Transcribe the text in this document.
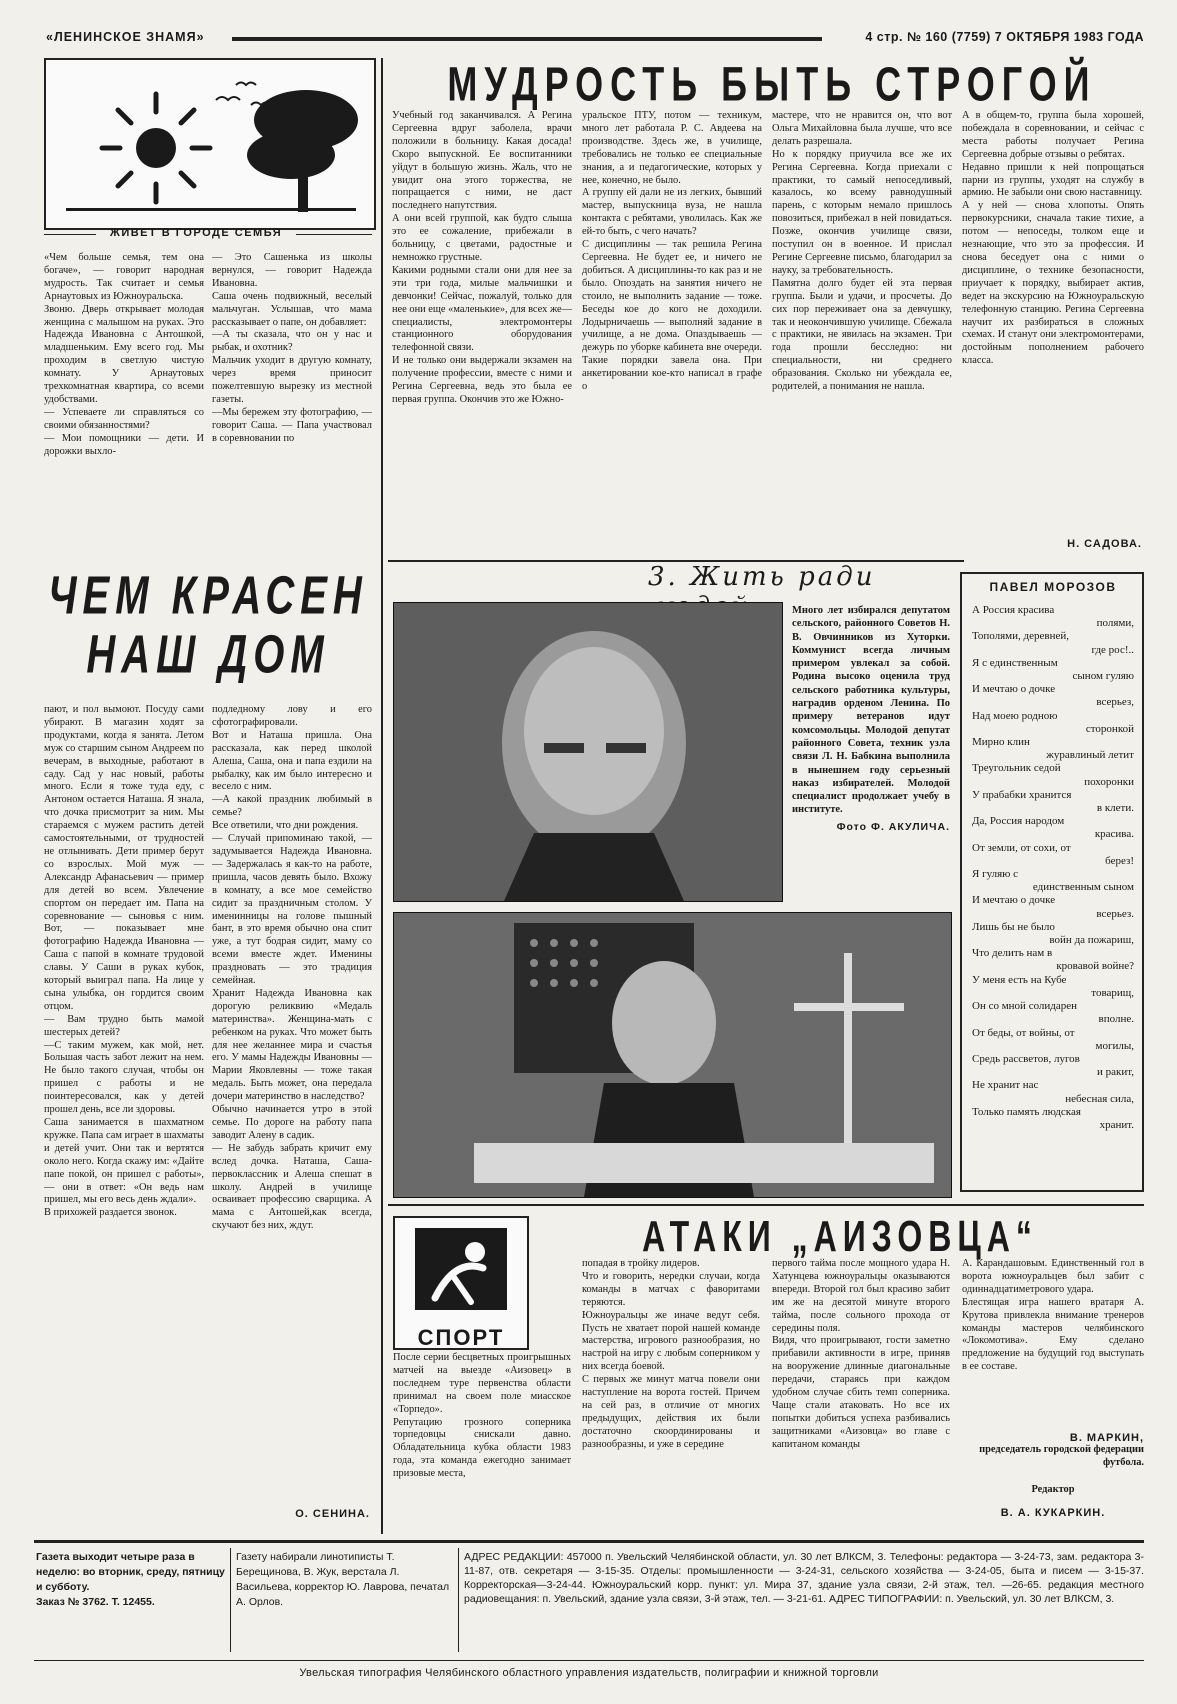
«ЛЕНИНСКОЕ ЗНАМЯ»	4 стр. № 160 (7759) 7 ОКТЯБРЯ 1983 ГОДА
ЖИВЕТ В ГОРОДЕ СЕМЬЯ

«Чем больше семья, тем она богаче», — говорит народная мудрость. Так считает и семья Арнаутовых из Южноуральска.
Звоню. Дверь открывает молодая женщина с малышом на руках. Это Надежда Ивановна с Антошкой, младшеньким. Ему всего год. Мы проходим в светлую чистую комнату. У Арнаутовых трехкомнатная квартира, со всеми удобствами.
— Успеваете ли справляться со своими обязанностями?
— Мои помощники — дети. И дорожки выхло-

— Это Сашенька из школы вернулся, — говорит Надежда Ивановна.
Саша очень подвижный, веселый мальчуган. Услышав, что мама рассказывает о папе, он добавляет:
—А ты сказала, что он у нас и рыбак, и охотник?
Мальчик уходит в другую комнату, через время приносит пожелтевшую вырезку из местной газеты.
—Мы бережем эту фотографию, — говорит Саша. — Папа участвовал в соревновании по

ЧЕМ КРАСЕН

НАШ ДОМ

пают, и пол вымоют. Посуду сами убирают. В магазин ходят за продуктами, когда я занята. Летом муж со старшим сыном Андреем по вечерам, в выходные, работают в саду. Сад у нас новый, работы много. Если я тоже туда еду, с Антоном остается Наташа. Я знала, что дочка присмотрит за ним. Мы стараемся с мужем растить детей самостоятельными, от трудностей не отлынивать. Дети пример берут со взрослых. Мой муж —Александр Афанасьевич — пример для детей во всем. Увлечение спортом он передает им. Папа на соревнование — сыновья с ним. Вот, — показывает мне фотографию Надежда Ивановна — Саша с папой в комнате трудовой славы. У Саши в руках кубок, который выиграл папа. На лице у сына улыбка, он гордится своим отцом.
— Вам трудно быть мамой шестерых детей?
—С таким мужем, как мой, нет. Большая часть забот лежит на нем. Не было такого случая, чтобы он пришел с работы и не поинтересовался, как у детей прошел день, все ли здоровы.
Саша занимается в шахматном кружке. Папа сам играет в шахматы и детей учит. Они так и вертятся около него. Когда скажу им: «Дайте папе покой, он пришел с работы», — они в ответ: «Он ведь нам пришел, мы его весь день ждали».
В прихожей раздается звонок.

подледному лову и его сфотографировали.
Вот и Наташа пришла. Она рассказала, как перед школой Алеша, Саша, она и папа ездили на рыбалку, как им было интересно и весело с ним.
—А какой праздник любимый в семье?
Все ответили, что дни рождения.
— Случай припоминаю такой, — задумывается Надежда Ивановна. — Задержалась я как-то на работе, пришла, часов девять было. Вхожу в комнату, а все мое семейство сидит за праздничным столом. У именинницы на голове пышный бант, в это время обычно она спит уже, а тут бодрая сидит, маму со всеми вместе ждет. Именины праздновать — это традиция семейная.
Хранит Надежда Ивановна как дорогую реликвию «Медаль материнства». Женщина-мать с ребенком на руках. Что может быть для нее желаннее мира и счастья его. У мамы Надежды Ивановны — Марии Яковлевны — тоже такая медаль. Быть может, она передала дочери материнство в наследство?
Обычно начинается утро в этой семье. По дороге на работу папа заводит Алену в садик.
— Не забудь забрать кричит ему вслед дочка. Наташа, Саша-первоклассник и Алеша спешат в школу. Андрей в училище осваивает профессию сварщика. А мама с Антошей,как всегда, скучают без них, ждут.

О. СЕНИНА.

МУДРОСТЬ БЫТЬ СТРОГОЙ

Учебный год заканчивался. А Регина Сергеевна вдруг заболела, врачи положили в больницу. Какая досада! Скоро выпускной. Ее воспитанники уйдут в большую жизнь. Жаль, что не увидит она этого торжества, не попращается с ними, не даст последнего напутствия.
А они всей группой, как будто слыша это ее сожаление, прибежали в больницу, с цветами, радостные и немножко грустные.
Какими родными стали они для нее за эти три года, милые мальчишки и девчонки! Сейчас, пожалуй, только для нее они еще «маленькие», для всех же— специалисты, электромонтеры станционного оборудования телефонной связи.
И не только они выдержали экзамен на получение профессии, вместе с ними и Регина Сергеевна, ведь это была ее первая группа. Окончив это же Южно-

уральское ПТУ, потом — техникум, много лет работала Р. С. Авдеева на производстве. Здесь же, в училище, требовались не только ее специальные знания, а и педагогические, которых у нее, конечно, не было.
А группу ей дали не из легких, бывший мастер, выпускница вуза, не нашла контакта с ребятами, уволилась. Как же ей-то быть, с чего начать?
С дисциплины — так решила Регина Сергеевна. Не будет ее, и ничего не добиться. А дисциплины-то как раз и не было. Опоздать на занятия ничего не стоило, не выполнить задание — тоже. Беседы кое до кого не доходили. Лодырничаешь — выполняй задание в училище, а не дома. Опаздываешь — дежурь по уборке кабинета вне очереди. Такие порядки завела она. При анкетировании кое-кто написал в графе о

мастере, что не нравится он, что вот Ольга Михайловна была лучше, что все делать разрешала.
Но к порядку приучила все же их Регина Сергеевна. Когда приехали с практики, то самый непоседливый, казалось, ко всему равнодушный парень, с которым немало пришлось повозиться, прибежал в ней повидаться. Позже, окончив училище связи, поступил он в военное. И прислал Регине Сергеевне письмо, благодарил за науку, за требовательность.
Памятна долго будет ей эта первая группа. Были и удачи, и просчеты. До сих пор переживает она за девчушку, так и неокончившую училище. Сбежала с практики, не явилась на экзамен. Три года прошли бесследно: ни специальности, ни среднего образования. Сколько ни убеждала ее, родителей, а понимания не нашла.

А в общем-то, группа была хорошей, побеждала в соревновании, и сейчас с места работы получает Регина Сергеевна добрые отзывы о ребятах.
Недавно пришли к ней попрощаться парни из группы, уходят на службу в армию. Не забыли они свою наставницу.
А у ней — снова хлопоты. Опять первокурсники, сначала такие тихие, а потом — непоседы, толком еще и незнающие, что это за профессия. И снова беседует она с ними о дисциплине, о технике безопасности, приучает к порядку, выбирает актив, ведет на экскурсию на Южноуральскую телефонную станцию. Регина Сергеевна научит их разбираться в сложных схемах. И станут они электромонтерами, достойным пополнением рабочего класса.

Н. САДОВА.

3. Жить ради

Много лет избирался депутатом сельского, районного Советов Н. В. Овчинников из Хуторки. Коммунист всегда личным примером увлекал за собой. Родина высоко оценила труд сельского работника культуры, наградив орденом Ленина. По примеру ветеранов идут комсомольцы. Молодой депутат районного Совета, техник узла связи Л. Н. Бабкина выполнила в нынешнем году серьезный наказ избирателей. Молодой специалист продолжает учебу в институте.

Фото Ф. АКУЛИЧА.

ПАВЕЛ МОРОЗОВ

А Россия красива

полями,

Тополями, деревней,

где рос!..

Я с единственным

сыном гуляю

И мечтаю о дочке

всерьез,

Над моею родною

сторонкой

Мирно клин

журавлиный летит

Треугольник седой

похоронки

У прабабки хранится

в клети.

Да, Россия народом

красива.

От земли, от сохи, от

берез!

Я гуляю с

единственным сыном

И мечтаю о дочке

всерьез.

Лишь бы не было

войн да пожариш,

Что делить нам в

кровавой войне?

У меня есть на Кубе

товарищ,

Он со мной солидарен

вполне.

От беды, от войны, от

могилы,

Средь рассветов, лугов

и ракит,

Не хранит нас

небесная сила,

Только память людская

хранит.

СПОРТ

АТАКИ „АИЗОВЦА“

После серии бесцветных проигрышных матчей на выезде «Аизовец» в последнем туре первенства области принимал на своем поле миасское «Торпедо».
Репутацию грозного соперника торпедовцы снискали давно. Обладательница кубка области 1983 года, эта команда ежегодно занимает призовые места,

попадая в тройку лидеров.
Что и говорить, нередки случаи, когда команды в матчах с фаворитами теряются.
Южноуральцы же иначе ведут себя. Пусть не хватает порой нашей команде мастерства, игрового разнообразия, но настрой на игру с любым соперником у них всегда боевой.
С первых же минут матча повели они наступление на ворота гостей. Причем на сей раз, в отличие от многих предыдущих, действия их были достаточно скоординированы и разнообразны, и уже в середине

первого тайма после мощного удара Н. Хатунцева южноуральцы оказываются впереди. Второй гол был красиво забит им же на десятой минуте второго тайма, после сольного прохода от середины поля.
Видя, что проигрывают, гости заметно прибавили активности в игре, приняв на вооружение длинные диагональные передачи, стараясь при каждом удобном случае сбить темп соперника. Чаще стали атаковать. Но все их попытки добиться успеха разбивались защитниками «Аизовца» во главе с капитаном команды

А. Карандашовым. Единственный гол в ворота южноуральцев был забит с одиннадцатиметрового удара.
Блестящая игра нашего вратаря А. Крутова привлекла внимание тренеров команды мастеров челябинского «Локомотива». Ему сделано предложение на будущий год выступать в ее составе.

В. МАРКИН,

председатель городской федерации футбола.

Редактор

В. А. КУКАРКИН.

Газета выходит четыре раза в неделю: во вторник, среду, пятницу и субботу.
Заказ № 3762. Т. 12455.

Газету набирали линотиписты Т. Берещинова, В. Жук, верстала Л. Васильева, корректор Ю. Лаврова, печатал А. Орлов.

АДРЕС РЕДАКЦИИ: 457000 п. Увельский Челябинской области, ул. 30 лет ВЛКСМ, 3. Телефоны: редактора — 3-24-73, зам. редактора 3-11-87, отв. секретаря — 3-15-35. Отделы: промышленности — 3-24-31, сельского хозяйства — 3-24-05, быта и писем — 3-15-37. Корректорская—3-24-44. Южноуральский корр. пункт: ул. Мира 37, здание узла связи, 2-й этаж, тел. —26-65. редакция местного радиовещания: п. Увельский, здание узла связи, 3-й этаж, тел. — 3-21-61. АДРЕС ТИПОГРАФИИ: п. Увельский, ул. 30 лет ВЛКСМ, 3.

Увельская типография Челябинского областного управления издательств, полиграфии и книжной торговли
